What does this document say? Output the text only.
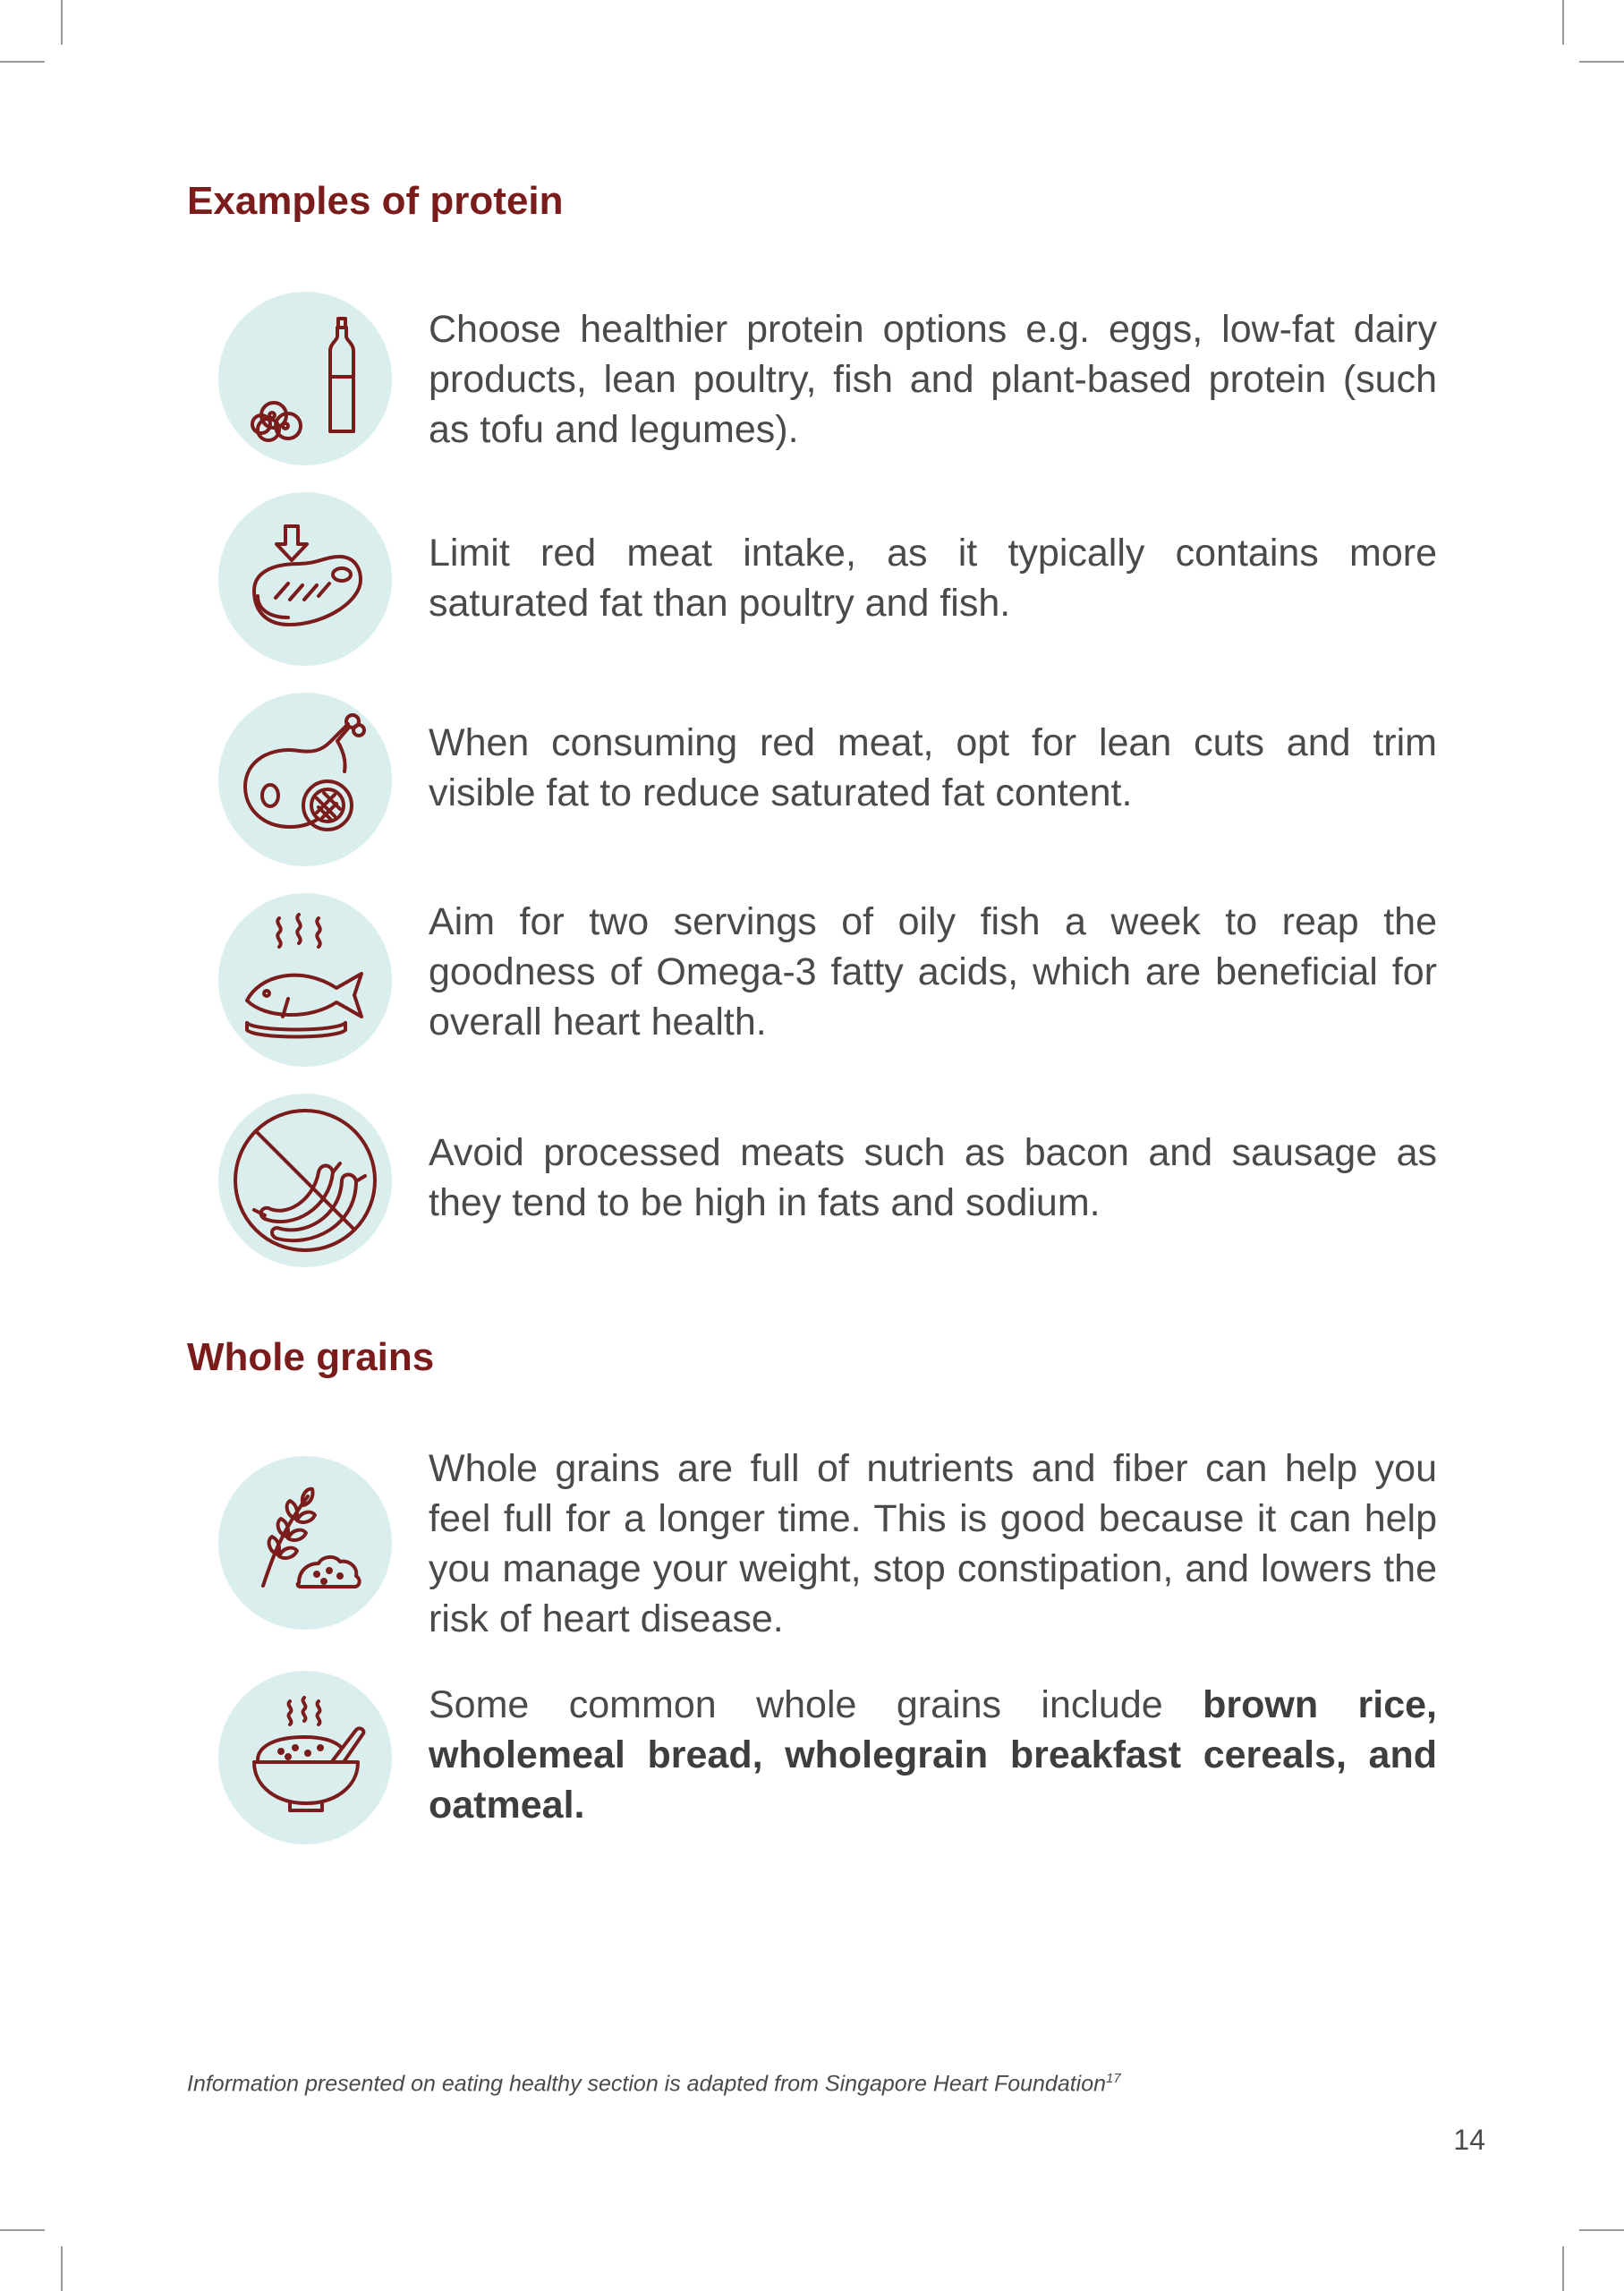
Examples of protein

Choose healthier protein options e.g. eggs, low-fat dairy products, lean poultry, fish and plant-based protein (such as tofu and legumes).

Limit red meat intake, as it typically contains more saturated fat than poultry and fish.

When consuming red meat, opt for lean cuts and trim visible fat to reduce saturated fat content.

Aim for two servings of oily fish a week to reap the goodness of Omega-3 fatty acids, which are beneficial for overall heart health.

Avoid processed meats such as bacon and sausage as they tend to be high in fats and sodium.

Whole grains

Whole grains are full of nutrients and fiber can help you feel full for a longer time. This is good because it can help you manage your weight, stop constipation, and lowers the risk of heart disease.

Some common whole grains include brown rice, wholemeal bread, wholegrain breakfast cereals, and oatmeal.

Information presented on eating healthy section is adapted from Singapore Heart Foundation$^{17}$

14
